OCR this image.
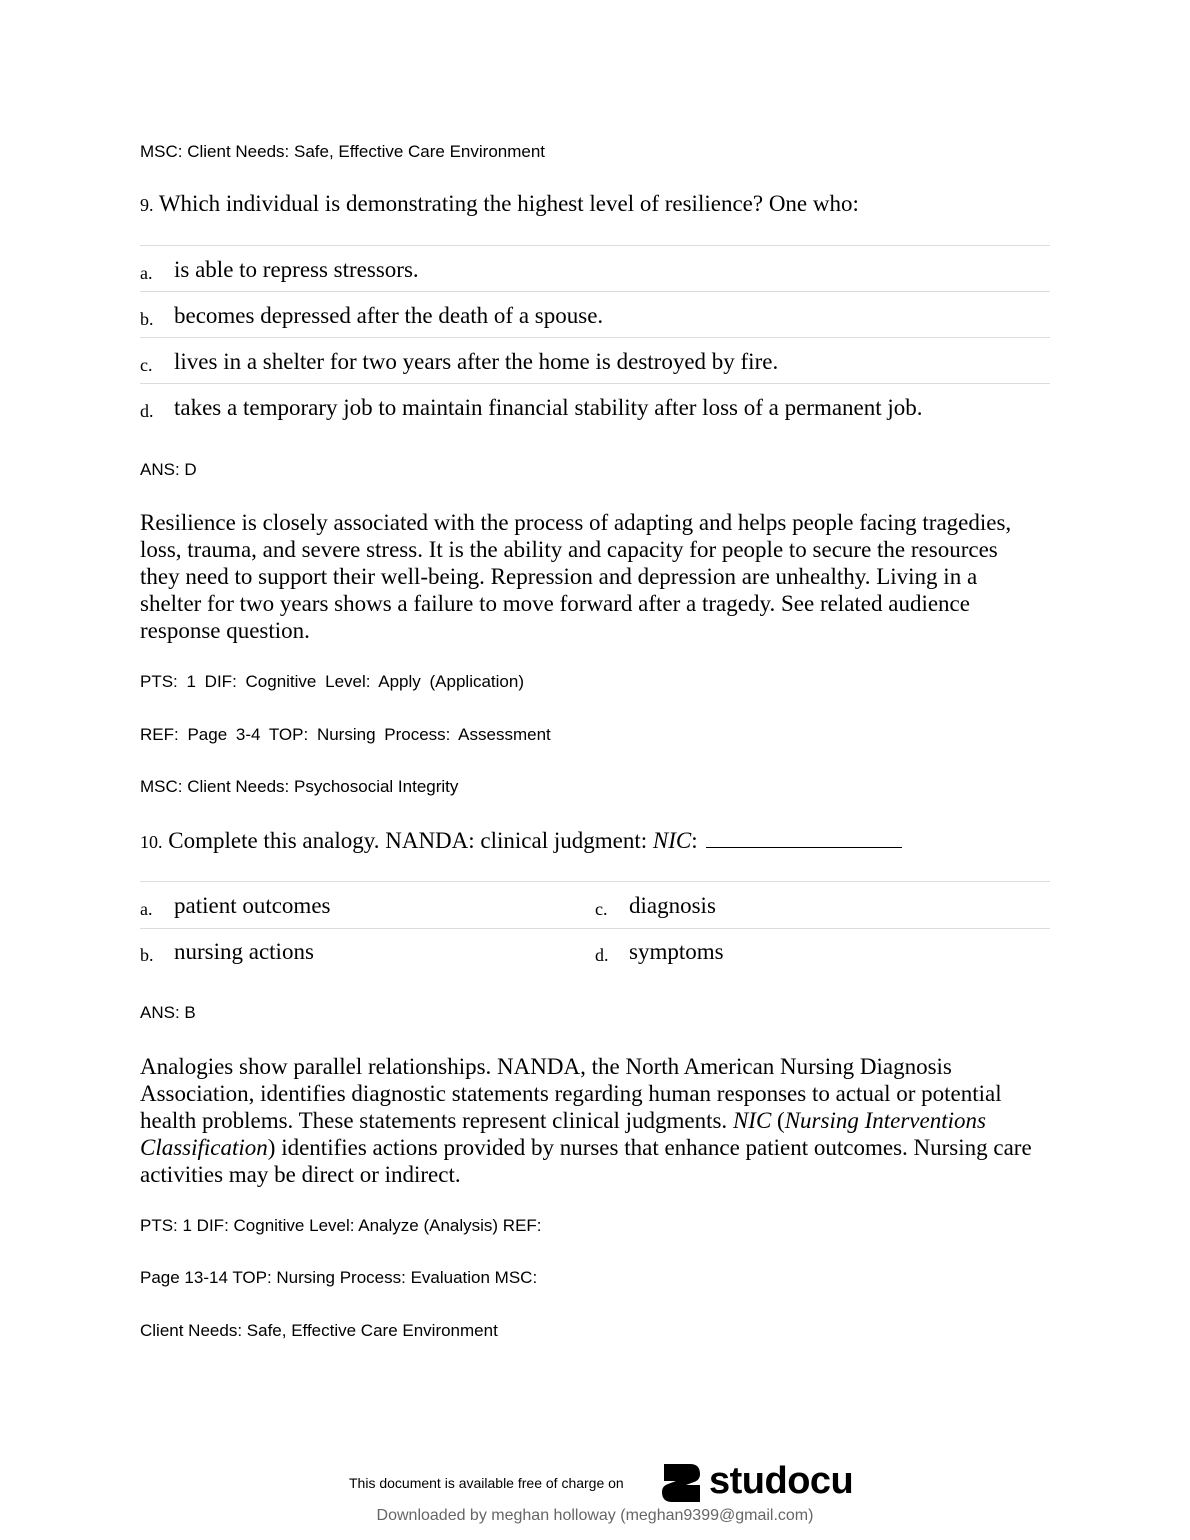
MSC: Client Needs: Safe, Effective Care Environment
9. Which individual is demonstrating the highest level of resilience? One who:
a. is able to repress stressors.
b. becomes depressed after the death of a spouse.
c. lives in a shelter for two years after the home is destroyed by fire.
d. takes a temporary job to maintain financial stability after loss of a permanent job.
ANS: D
Resilience is closely associated with the process of adapting and helps people facing tragedies,
loss, trauma, and severe stress. It is the ability and capacity for people to secure the resources
they need to support their well-being. Repression and depression are unhealthy. Living in a
shelter for two years shows a failure to move forward after a tragedy. See related audience
response question.
PTS: 1 DIF: Cognitive Level: Apply (Application)
REF: Page 3-4 TOP: Nursing Process: Assessment
MSC: Client Needs: Psychosocial Integrity
10. Complete this analogy. NANDA: clinical judgment: NIC:
a. patient outcomes	c. diagnosis
b. nursing actions	d. symptoms
ANS: B
Analogies show parallel relationships. NANDA, the North American Nursing Diagnosis
Association, identifies diagnostic statements regarding human responses to actual or potential
health problems. These statements represent clinical judgments. NIC (Nursing Interventions
Classification) identifies actions provided by nurses that enhance patient outcomes. Nursing care
activities may be direct or indirect.
PTS: 1 DIF: Cognitive Level: Analyze (Analysis) REF:
Page 13-14 TOP: Nursing Process: Evaluation MSC:
Client Needs: Safe, Effective Care Environment
This document is available free of charge on studocu
Downloaded by meghan holloway (meghan9399@gmail.com)
